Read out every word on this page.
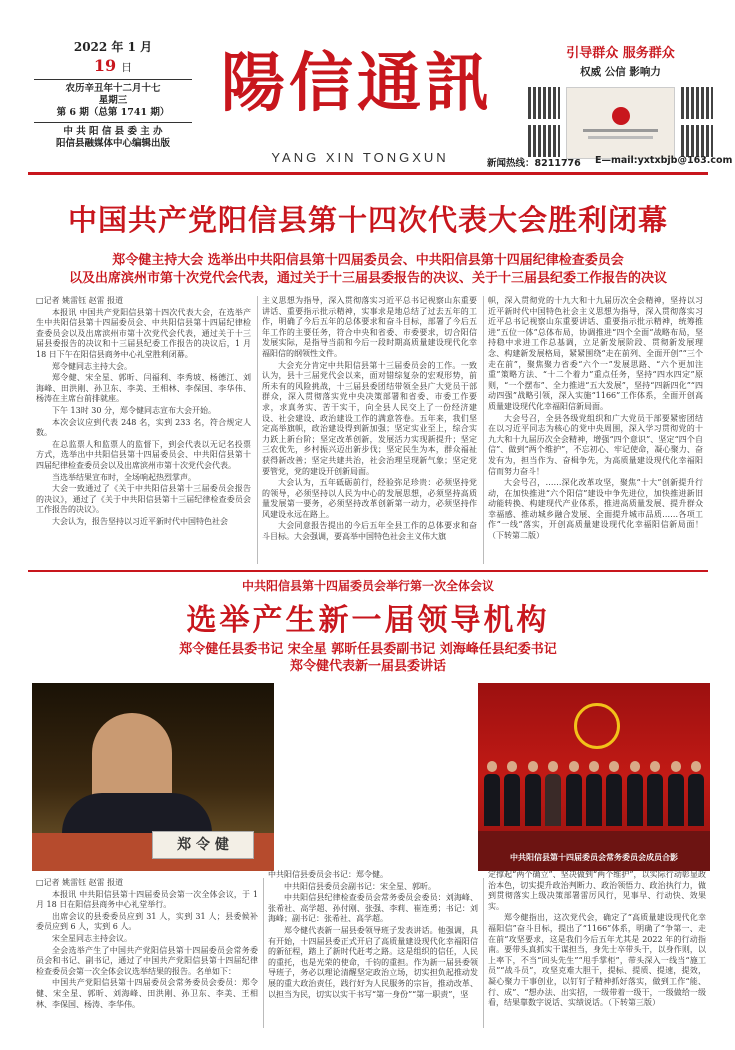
2022 年 1 月
19 日
农历辛丑年十二月十七
星期三
第 6 期（总第 1741 期）
中 共 阳 信 县 委 主 办
阳信县融媒体中心编辑出版
陽信通訊
YANG XIN TONGXUN
引导群众 服务群众
权威 公信 影响力
新闻热线：8211776 E—mail:yxtxbjb@163.com
中国共产党阳信县第十四次代表大会胜利闭幕
郑令健主持大会 选举出中共阳信县第十四届委员会、中共阳信县第十四届纪律检查委员会
以及出席滨州市第十次党代会代表，通过关于十三届县委报告的决议、关于十三届县纪委工作报告的决议

□记者 姚雷钰 赵雷 报道

本报讯 中国共产党阳信县第十四次代表大会，在选举产生中共阳信县第十四届委员会、中共阳信县第十四届纪律检查委员会以及出席滨州市第十次党代会代表，通过关于十三届县委报告的决议和十三届县纪委工作报告的决议后，1 月 18 日下午在阳信县商务中心礼堂胜利闭幕。

郑令健同志主持大会。

郑令健、宋全星、郭昕、闫福利、李秀坡、杨德江、刘海峰、田洪刚、孙卫东、李美、王相林、李保国、李华伟、杨涛在主席台前排就座。

下午 13时 30 分，郑令健同志宣布大会开始。

本次会议应到代表 248 名，实到 233 名，符合规定人数。

在总监票人和监票人的监督下，到会代表以无记名投票方式，选举出中共阳信县第十四届委员会、中共阳信县第十四届纪律检查委员会以及出席滨州市第十次党代会代表。

当选举结果宣布时，全场响起热烈掌声。

大会一致通过了《关于中共阳信县第十三届委员会报告的决议》，通过了《关于中共阳信县第十三届纪律检查委员会工作报告的决议》。

大会认为，报告坚持以习近平新时代中国特色社会

主义思想为指导，深入贯彻落实习近平总书记视察山东重要讲话、重要指示批示精神，实事求是地总结了过去五年的工作，明确了今后五年的总体要求和奋斗目标，部署了今后五年工作的主要任务，符合中央和省委、市委要求，切合阳信发展实际，是指导当前和今后一段时期高质量建设现代化幸福阳信的纲领性文件。

大会充分肯定中共阳信县第十三届委员会的工作。一致认为，县十三届党代会以来，面对错综复杂的宏观形势，前所未有的风险挑战，十三届县委团结带领全县广大党员干部群众，深入贯彻落实党中央决策部署和省委、市委工作要求，求真务实、苦干实干，向全县人民交上了一份经济建设、社会建设、政治建设工作的满意答卷。五年来，我们坚定高举旗帜，政治建设得到新加强；坚定实业至上，综合实力跃上新台阶；坚定改革创新，发展活力实现新提升；坚定三农优先，乡村振兴迈出新步伐；坚定民生为本，群众福祉获得新改善；坚定共建共治，社会治理呈现新气象；坚定党要管党，党的建设开创新局面。

大会认为，五年砥砺前行，经验弥足珍贵：必须坚持党的领导，必须坚持以人民为中心的发展思想，必须坚持高质量发展第一要务，必须坚持改革创新第一动力，必须坚持作风建设永远在路上。

大会同意报告提出的今后五年全县工作的总体要求和奋斗目标。大会强调，要高举中国特色社会主义伟大旗

帜，深入贯彻党的十九大和十九届历次全会精神，坚持以习近平新时代中国特色社会主义思想为指导，深入贯彻落实习近平总书记视察山东重要讲话、重要指示批示精神，统筹推进“五位一体”总体布局，协调推进“四个全面”战略布局，坚持稳中求进工作总基调，立足新发展阶段、贯彻新发展理念、构建新发展格局，紧紧围绕“走在前列、全面开创”“三个走在前”，聚焦聚力省委“六个一”发展思路、“六个更加注重”策略方法、“十二个着力”重点任务，坚持“四水四定”原则，“一个摆布”、全力推进“五大发展”，坚持“四新四化”“四动四强”战略引领，深入实施“1166”工作体系，全面开创高质量建设现代化幸福阳信新局面。

大会号召，全县各级党组织和广大党员干部要紧密团结在以习近平同志为核心的党中央周围，深入学习贯彻党的十九大和十九届历次全会精神，增强“四个意识”、坚定“四个自信”、做到“两个维护”，不忘初心、牢记使命，凝心聚力、奋发有为，担当作为、奋楫争先，为高质量建设现代化幸福阳信而努力奋斗！

大会号召，……深化改革攻坚，聚焦“十大”创新提升行动，在加快推进“六个阳信”建设中争先进位，加快推进新旧动能转换、构建现代产业体系，推进高质量发展、提升群众幸福感、推动城乡融合发展、全面提升城市品质……各项工作“一线”落实，开创高质量建设现代化幸福阳信新局面！（下转第二版）

中共阳信县第十四届委员会举行第一次全体会议
选举产生新一届领导机构
郑令健任县委书记 宋全星 郭昕任县委副书记 刘海峰任县纪委书记
郑令健代表新一届县委讲话
郑 令 健
中共阳信县第十四届委员会常务委员会成员合影

□记者 姚雷钰 赵雷 报道

本报讯 中共阳信县第十四届委员会第一次全体会议，于 1 月 18 日在阳信县商务中心礼堂举行。

出席会议的县委委员应到 31 人，实到 31 人；县委候补委员应到 6 人，实到 6 人。

宋全星同志主持会议。

全会选举产生了中国共产党阳信县第十四届委员会常务委员会和书记、副书记，通过了中国共产党阳信县第十四届纪律检查委员会第一次全体会议选举结果的报告。名单如下：

中国共产党阳信县第十四届委员会常务委员会委员：郑令健、宋全星、郭昕、刘海峰、田洪刚、孙卫东、李美、王相林、李保国、杨涛、李华伟。

中共阳信县委员会书记：郑令健。

中共阳信县委员会副书记：宋全星、郭昕。

中共阳信县纪律检查委员会常务委员会委员：刘海峰、张希社、高学超、孙付刚、张强、李莉、崔连勇；书记：刘海峰；副书记：张希社、高学超。

郑令健代表新一届县委领导班子发表讲话。他强调，具有开始，十四届县委正式开启了高质量建设现代化幸福阳信的新征程，踏上了新时代赶考之路。这是组织的信任，人民的重托，也是光荣的使命，千钧的重担。作为新一届县委领导班子，务必以理论清醒坚定政治立场，切实担负起推动发展的重大政治责任，践行好为人民服务的宗旨，推动改革、以担当为民，切实以实干书写“第一身份”“第一职责”，坚

定撑起“两个确立”、坚决做到“两个维护”，以实际行动彰显政治本色，切实提升政治判断力、政治领悟力、政治执行力，做到贯彻落实上级决策部署雷厉风行，见事早、行动快、效果实。

郑令健指出，这次党代会，确定了“高质量建设现代化幸福阳信”奋斗目标，提出了“1166”体系，明确了“争第一、走在前”攻坚要求，这是我们今后五年尤其是 2022 年的行动指南。要带头真抓实干谋担当，身先士卒带头干，以身作则，以上率下，不当“回头先生”“甩手掌柜”，带头深入一线当“施工员”“战斗员”，攻坚克难大胆干，提标、提质、提速，提效，凝心聚力干事创业，以钉钉子精神抓好落实，做到工作“能、行、成”、“想办法、出实招，一级带着一级干，一级做给一级看，结果靠数字说话、实绩说话。（下转第三版）
